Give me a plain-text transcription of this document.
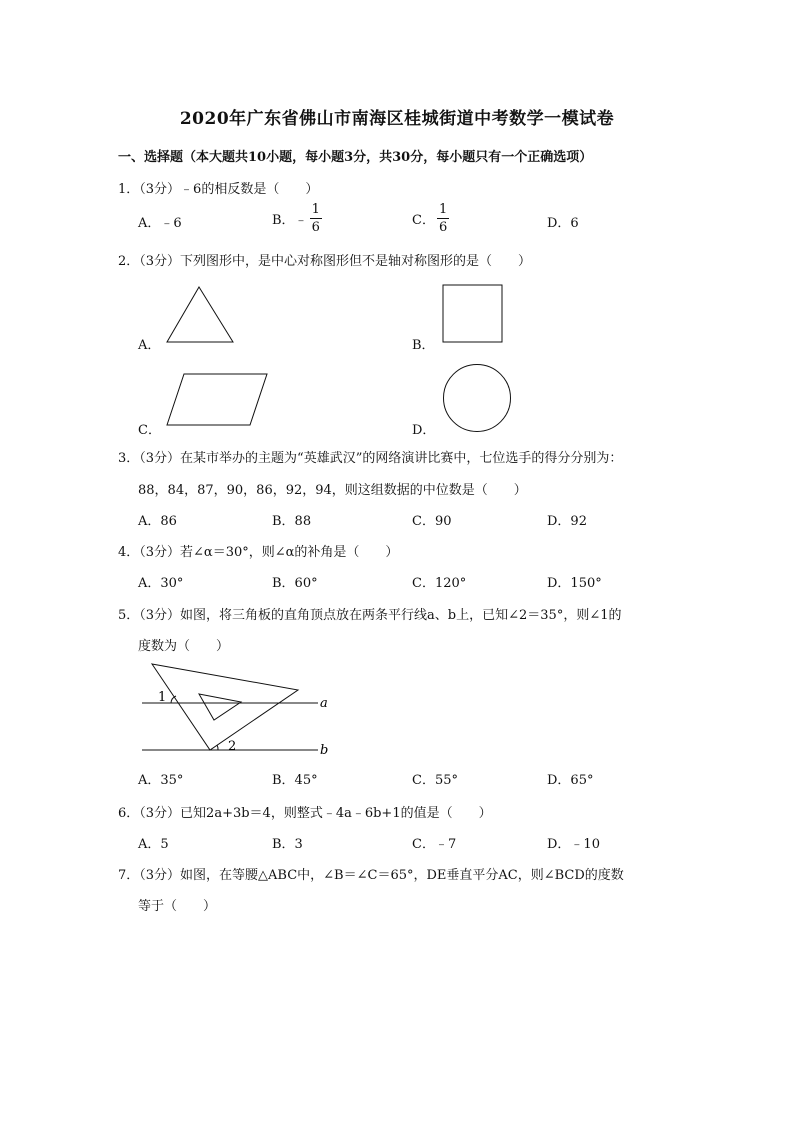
2020年广东省佛山市南海区桂城街道中考数学一模试卷
一、选择题（本大题共10小题，每小题3分，共30分，每小题只有一个正确选项）
1．（3分）﹣6的相反数是（　　）
A．﹣6	B．﹣ $\frac{1}{6}$	C． $\frac{1}{6}$	D．6
2．（3分）下列图形中，是中心对称图形但不是轴对称图形的是（　　）
A．	B．
C．	D．
3．（3分）在某市举办的主题为“英雄武汉”的网络演讲比赛中，七位选手的得分分别为：
88，84，87，90，86，92，94，则这组数据的中位数是（　　）
A．86	B．88	C．90	D．92
4．（3分）若∠α＝30°，则∠α的补角是（　　）
A．30°	B．60°	C．120°	D．150°
5．（3分）如图，将三角板的直角顶点放在两条平行线a、b上，已知∠2＝35°，则∠1的
度数为（　　）
1
2
a
b
A．35°	B．45°	C．55°	D．65°
6．（3分）已知2a+3b＝4，则整式﹣4a﹣6b+1的值是（　　）
A．5	B．3	C．﹣7	D．﹣10
7．（3分）如图，在等腰△ABC中，∠B＝∠C＝65°，DE垂直平分AC，则∠BCD的度数
等于（　　）
